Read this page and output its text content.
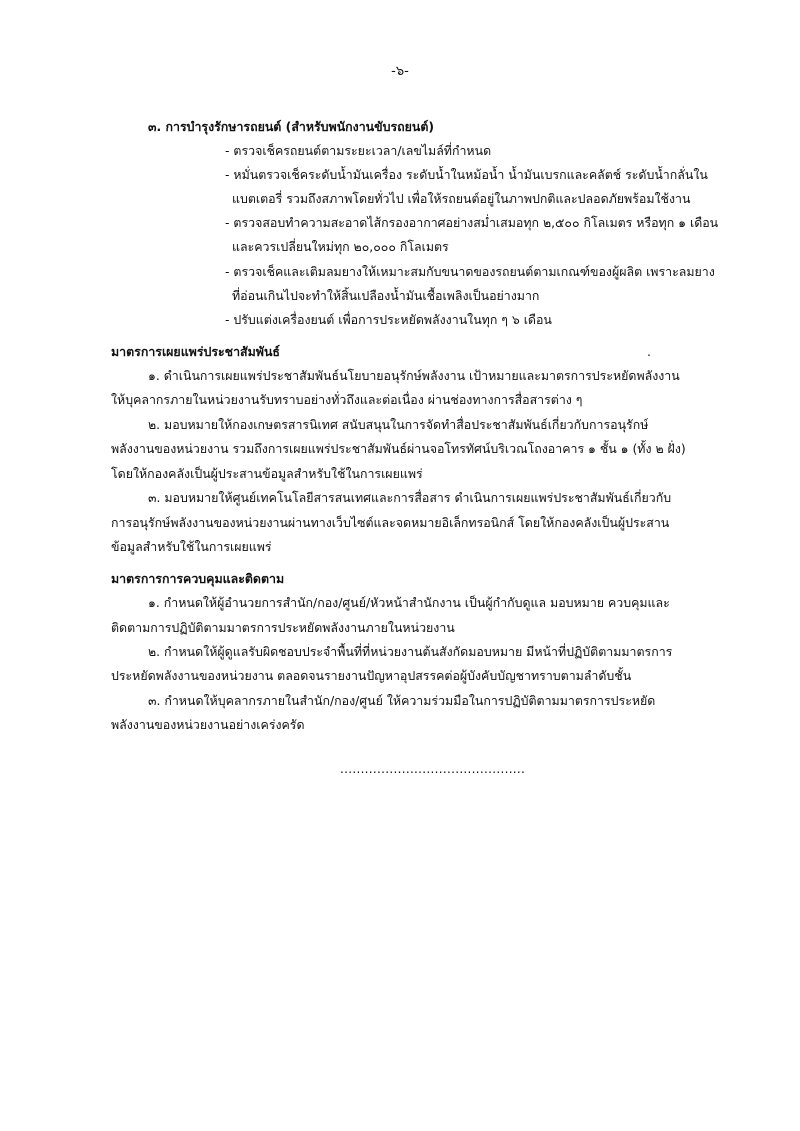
-๖-
๓. การบำรุงรักษารถยนต์ (สำหรับพนักงานขับรถยนต์)
- ตรวจเช็ครถยนต์ตามระยะเวลา/เลขไมล์ที่กำหนด
- หมั่นตรวจเช็คระดับน้ำมันเครื่อง ระดับน้ำในหม้อน้ำ น้ำมันเบรกและคลัตช์ ระดับน้ำกลั่นใน
แบตเตอรี่ รวมถึงสภาพโดยทั่วไป เพื่อให้รถยนต์อยู่ในภาพปกติและปลอดภัยพร้อมใช้งาน
- ตรวจสอบทำความสะอาดไส้กรองอากาศอย่างสม่ำเสมอทุก ๒,๕๐๐ กิโลเมตร หรือทุก ๑ เดือน
และควรเปลี่ยนใหม่ทุก ๒๐,๐๐๐ กิโลเมตร
- ตรวจเช็คและเติมลมยางให้เหมาะสมกับขนาดของรถยนต์ตามเกณฑ์ของผู้ผลิต เพราะลมยาง
ที่อ่อนเกินไปจะทำให้สิ้นเปลืองน้ำมันเชื้อเพลิงเป็นอย่างมาก
- ปรับแต่งเครื่องยนต์ เพื่อการประหยัดพลังงานในทุก ๆ ๖ เดือน
มาตรการเผยแพร่ประชาสัมพันธ์	.
๑. ดำเนินการเผยแพร่ประชาสัมพันธ์นโยบายอนุรักษ์พลังงาน เป้าหมายและมาตรการประหยัดพลังงาน
ให้บุคลากรภายในหน่วยงานรับทราบอย่างทั่วถึงและต่อเนื่อง ผ่านช่องทางการสื่อสารต่าง ๆ
๒. มอบหมายให้กองเกษตรสารนิเทศ สนับสนุนในการจัดทำสื่อประชาสัมพันธ์เกี่ยวกับการอนุรักษ์
พลังงานของหน่วยงาน รวมถึงการเผยแพร่ประชาสัมพันธ์ผ่านจอโทรทัศน์บริเวณโถงอาคาร ๑ ชั้น ๑ (ทั้ง ๒ ฝั่ง)
โดยให้กองคลังเป็นผู้ประสานข้อมูลสำหรับใช้ในการเผยแพร่
๓. มอบหมายให้ศูนย์เทคโนโลยีสารสนเทศและการสื่อสาร ดำเนินการเผยแพร่ประชาสัมพันธ์เกี่ยวกับ
การอนุรักษ์พลังงานของหน่วยงานผ่านทางเว็บไซต์และจดหมายอิเล็กทรอนิกส์ โดยให้กองคลังเป็นผู้ประสาน
ข้อมูลสำหรับใช้ในการเผยแพร่
มาตรการการควบคุมและติดตาม
๑. กำหนดให้ผู้อำนวยการสำนัก/กอง/ศูนย์/หัวหน้าสำนักงาน เป็นผู้กำกับดูแล มอบหมาย ควบคุมและ
ติดตามการปฏิบัติตามมาตรการประหยัดพลังงานภายในหน่วยงาน
๒. กำหนดให้ผู้ดูแลรับผิดชอบประจำพื้นที่ที่หน่วยงานต้นสังกัดมอบหมาย มีหน้าที่ปฏิบัติตามมาตรการ
ประหยัดพลังงานของหน่วยงาน ตลอดจนรายงานปัญหาอุปสรรคต่อผู้บังคับบัญชาทราบตามลำดับชั้น
๓. กำหนดให้บุคลากรภายในสำนัก/กอง/ศูนย์ ให้ความร่วมมือในการปฏิบัติตามมาตรการประหยัด
พลังงานของหน่วยงานอย่างเคร่งครัด
.............................................
